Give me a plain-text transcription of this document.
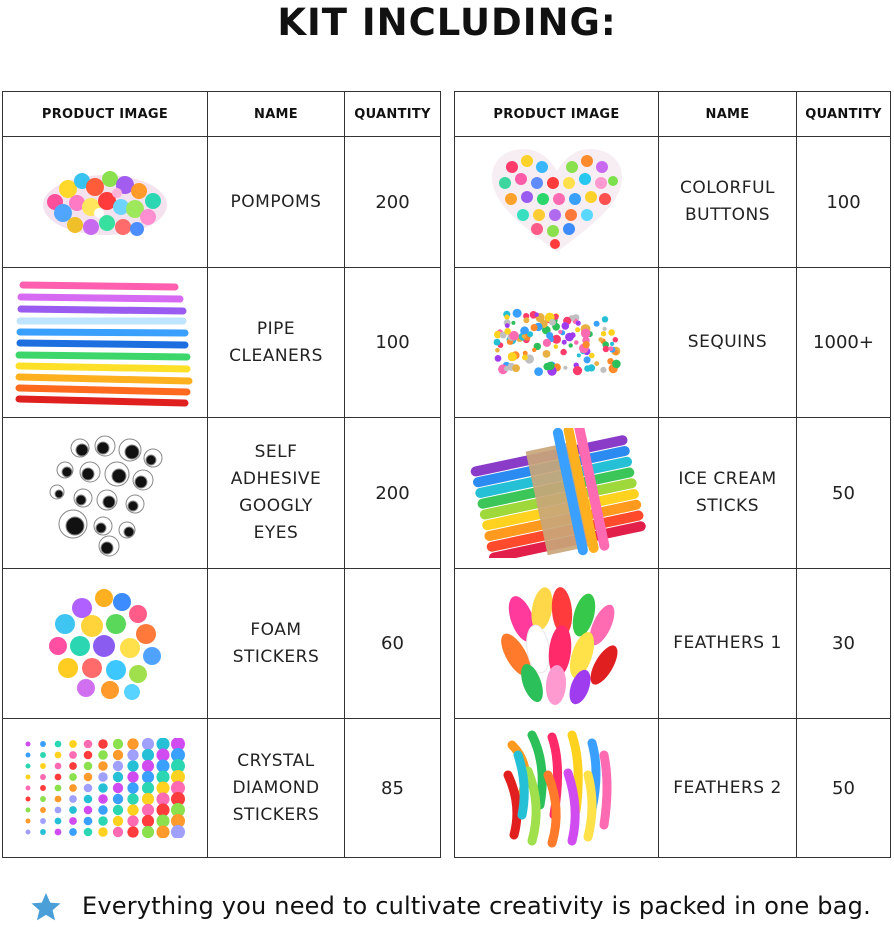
KIT INCLUDING:
PRODUCT IMAGE	NAME	QUANTITY

	POMPOMS	200

	PIPE
CLEANERS	100

	SELF
ADHESIVE
GOOGLY
EYES	200

	FOAM
STICKERS	60

	CRYSTAL
DIAMOND
STICKERS	85
PRODUCT IMAGE	NAME	QUANTITY

	COLORFUL
BUTTONS	100

	SEQUINS	1000+

	ICE CREAM
STICKS	50

	FEATHERS 1	30

	FEATHERS 2	50
Everything you need to cultivate creativity is packed in one bag.
